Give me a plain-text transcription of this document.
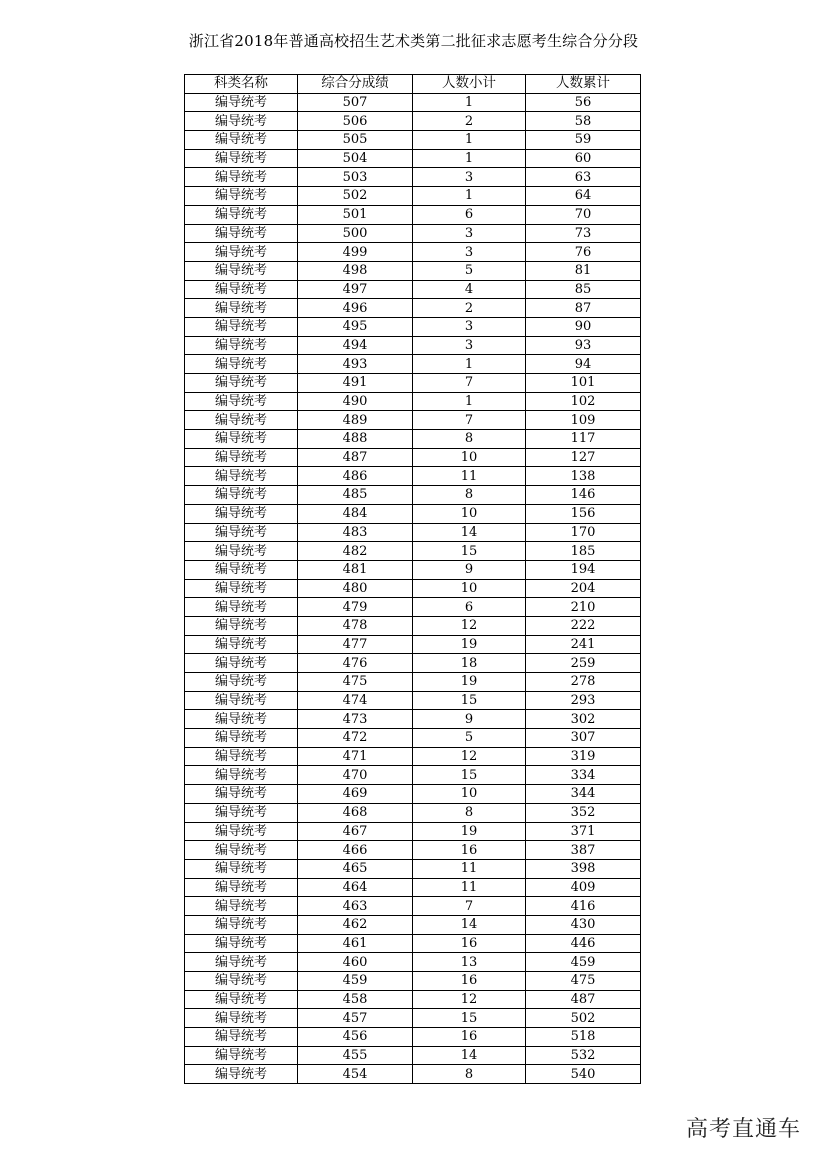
浙江省2018年普通高校招生艺术类第二批征求志愿考生综合分分段
科类名称	综合分成绩	人数小计	人数累计
编导统考	507	1	56
编导统考	506	2	58
编导统考	505	1	59
编导统考	504	1	60
编导统考	503	3	63
编导统考	502	1	64
编导统考	501	6	70
编导统考	500	3	73
编导统考	499	3	76
编导统考	498	5	81
编导统考	497	4	85
编导统考	496	2	87
编导统考	495	3	90
编导统考	494	3	93
编导统考	493	1	94
编导统考	491	7	101
编导统考	490	1	102
编导统考	489	7	109
编导统考	488	8	117
编导统考	487	10	127
编导统考	486	11	138
编导统考	485	8	146
编导统考	484	10	156
编导统考	483	14	170
编导统考	482	15	185
编导统考	481	9	194
编导统考	480	10	204
编导统考	479	6	210
编导统考	478	12	222
编导统考	477	19	241
编导统考	476	18	259
编导统考	475	19	278
编导统考	474	15	293
编导统考	473	9	302
编导统考	472	5	307
编导统考	471	12	319
编导统考	470	15	334
编导统考	469	10	344
编导统考	468	8	352
编导统考	467	19	371
编导统考	466	16	387
编导统考	465	11	398
编导统考	464	11	409
编导统考	463	7	416
编导统考	462	14	430
编导统考	461	16	446
编导统考	460	13	459
编导统考	459	16	475
编导统考	458	12	487
编导统考	457	15	502
编导统考	456	16	518
编导统考	455	14	532
编导统考	454	8	540
高考直通车
